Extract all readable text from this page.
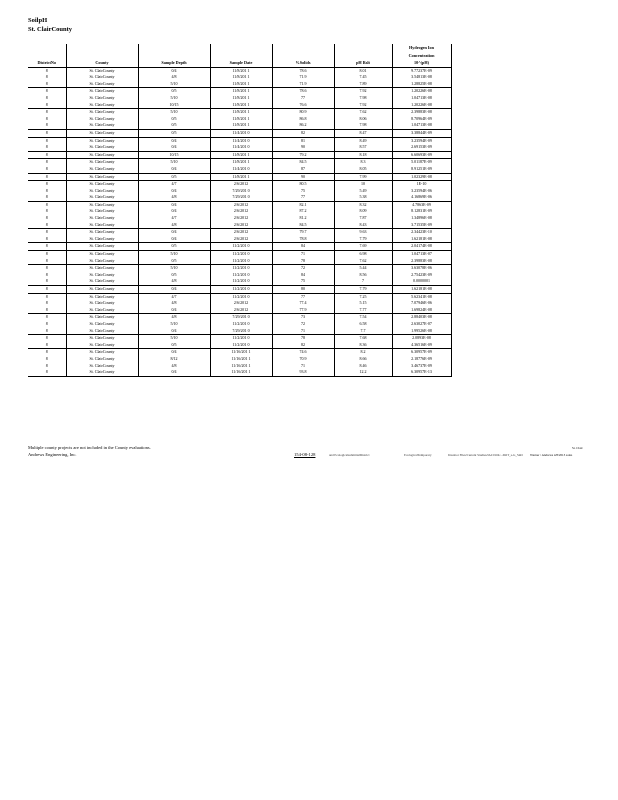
SoilpH
St. ClairCounty
						Hydrogen Ion
						Concentration
DistrictNo	County	Sample Depth	Sample Date	%Solids	pH Rslt	10^(pH)
8	St. ClairCounty	0/4	11/8/201 1	78.6	8.01	9.77237E-09
8	St. ClairCounty	4/8	11/8/201 1	71.9	7.45	3.54813E-08
8	St. ClairCounty	5/10	11/8/201 1	71.9	7.89	1.28825E-08
8	St. ClairCounty	0/5	11/8/201 1	78.6	7.92	1.20226E-08
8	St. ClairCounty	5/10	11/8/201 1	77	7.98	1.04713E-08
8	St. ClairCounty	10/15	11/8/201 1	76.6	7.92	1.20226E-08
8	St. ClairCounty	5/10	11/8/201 1	80.9	7.62	2.39883E-08
8	St. ClairCounty	0/5	11/8/201 1	86.8	8.06	8.70964E-09
8	St. ClairCounty	0/5	11/8/201 1	86.2	7.98	1.04713E-08
8	St. ClairCounty	0/5	11/4/201 0	82	8.47	3.38844E-09
8	St. ClairCounty	0/4	11/4/201 0	81	8.49	3.23594E-09
8	St. ClairCounty	0/4	11/4/201 0	90	8.57	2.69153E-09
8	St. ClairCounty	10/15	11/8/201 1	79.2	8.18	6.60693E-09
8	St. ClairCounty	5/10	11/8/201 1	84.5	8.3	5.01187E-09
8	St. ClairCounty	0/4	11/4/201 0	87	8.05	8.91251E-09
8	St. ClairCounty	0/5	11/8/201 1	90	7.99	1.02329E-08
8	St. ClairCounty	4/7	2/6/2012	80.5	10	1E-10
8	St. ClairCounty	0/4	7/29/201 0	75	5.49	3.23594E-06
8	St. ClairCounty	4/8	7/29/201 0	77	5.38	4.16869E-06
8	St. ClairCounty	0/4	2/6/2012	82.1	8.32	4.7863E-09
8	St. ClairCounty	0/4	2/6/2012	87.2	8.09	8.12831E-09
8	St. ClairCounty	4/7	2/6/2012	81.2	7.87	1.34896E-08
8	St. ClairCounty	4/8	2/6/2012	84.5	8.43	3.71535E-09
8	St. ClairCounty	0/4	2/6/2012	79.7	9.63	2.34423E-10
8	St. ClairCounty	0/4	2/6/2012	78.8	7.79	1.62181E-08
8	St. ClairCounty	0/5	11/2/201 0	84	7.69	2.04174E-08
8	St. ClairCounty	5/10	11/2/201 0	71	6.98	1.04713E-07
8	St. ClairCounty	0/5	11/2/201 0	78	7.62	2.39883E-08
8	St. ClairCounty	5/10	11/2/201 0	72	5.44	3.63078E-06
8	St. ClairCounty	0/5	11/2/201 0	84	8.56	2.75423E-09
8	St. ClairCounty	4/8	11/2/201 0	75	7	0.0000001
8	St. ClairCounty	0/4	11/2/201 0	80	7.79	1.62181E-08
8	St. ClairCounty	4/7	11/2/201 0	77	7.25	5.62341E-08
8	St. ClairCounty	4/8	2/6/2012	77.4	5.15	7.07946E-06
8	St. ClairCounty	0/4	2/6/2012	77.9	7.77	1.69824E-08
8	St. ClairCounty	4/8	7/29/201 0	73	7.54	2.88403E-08
8	St. ClairCounty	5/10	11/2/201 0	72	6.58	2.63027E-07
8	St. ClairCounty	0/4	7/29/201 0	71	7.7	1.99526E-08
8	St. ClairCounty	5/10	11/2/201 0	78	7.68	2.0893E-08
8	St. ClairCounty	0/5	11/2/201 0	82	8.36	4.36516E-09
8	St. ClairCounty	0/4	11/16/201 1	74.6	8.2	6.30957E-09
8	St. ClairCounty	8/12	11/16/201 1	70.9	8.66	2.18776E-09
8	St. ClairCounty	4/8	11/16/201 1	71	8.46	3.46737E-09
8	St. ClairCounty	0/4	11/16/201 1	93.8	12.2	6.30957E-13
Multiple county projects are not included in the County evaluations.
Andrews Engineering, Inc.	154-08-128	and EcologicalsubmittalDistrict	EcologicalTemporary	Inventor Files/Current Studies/IAC0104/...DOT_s-G_SnD
St. Clair
Warner / Andrews 4/8/2013 sales
